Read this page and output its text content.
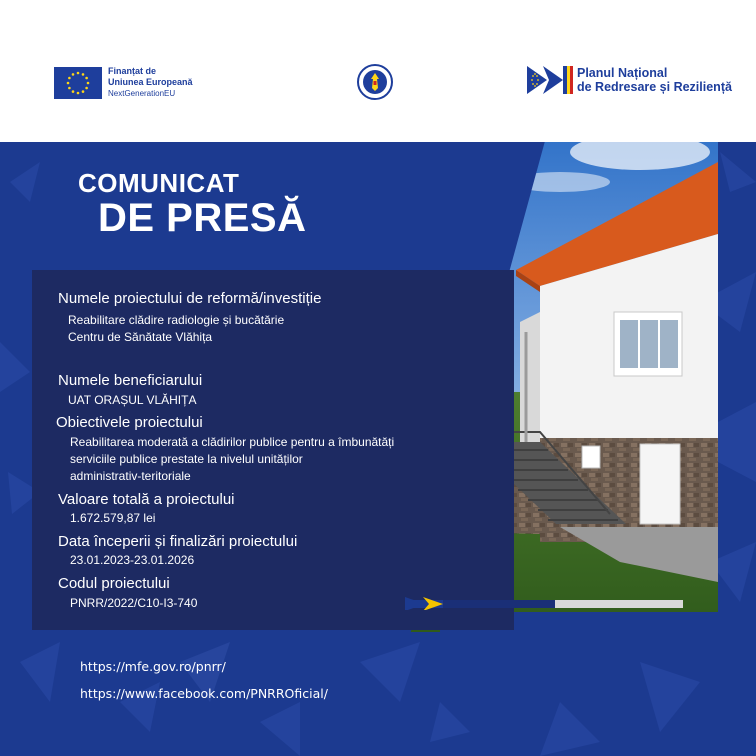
Finanțat de
Uniunea Europeană
NextGenerationEU
Planul Național
de Redresare și Reziliență
COMUNICAT
DE PRESĂ
Numele proiectului de reformă/investiție
Reabilitare clădire radiologie și bucătărie
Centru de Sănătate Vlăhița
Numele beneficiarului
UAT ORAȘUL VLĂHIȚA
Obiectivele proiectului
Reabilitarea moderată a clădirilor publice pentru a îmbunătăți
serviciile publice prestate la nivelul unităților
administrativ-teritoriale
Valoare totală a proiectului
1.672.579,87 lei
Data începerii și finalizări proiectului
23.01.2023-23.01.2026
Codul proiectului
PNRR/2022/C10-I3-740
https://mfe.gov.ro/pnrr/
https://www.facebook.com/PNRROficial/
